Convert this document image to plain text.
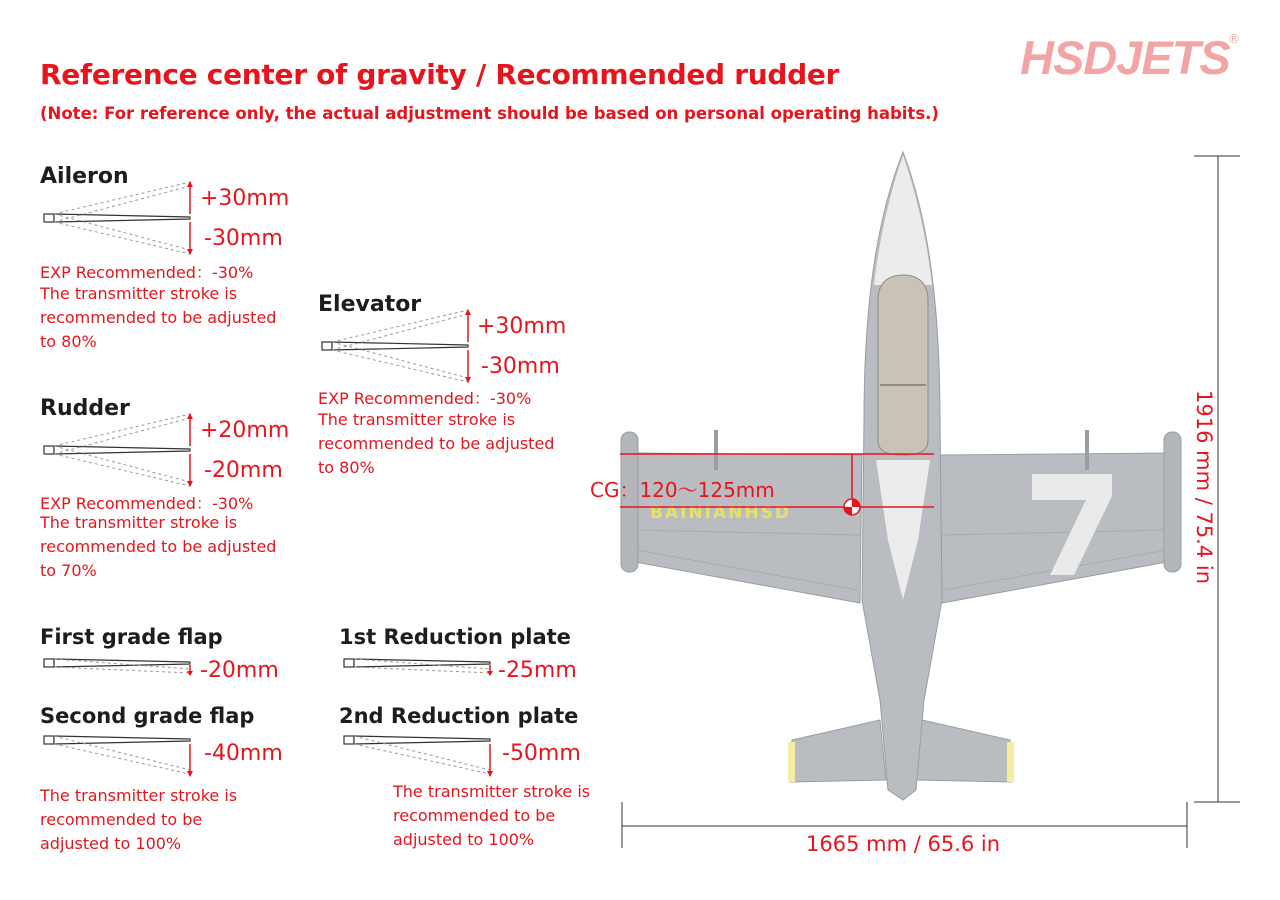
Reference center of gravity / Recommended rudder
(Note: For reference only, the actual adjustment should be based on personal operating habits.)
HSDJETS
®
Aileron
+30mm
-30mm
EXP Recommended：-30%
The transmitter stroke is recommended to be adjusted to 80%
Elevator
+30mm
-30mm
EXP Recommended：-30%
The transmitter stroke is recommended to be adjusted to 80%
Rudder
+20mm
-20mm
EXP Recommended：-30%
The transmitter stroke is recommended to be adjusted to 70%
First grade flap
-20mm
Second grade flap
-40mm
The transmitter stroke is recommended to be adjusted to 100%
1st Reduction plate
-25mm
2nd Reduction plate
-50mm
The transmitter stroke is recommended to be adjusted to 100%
BAINIANHSD
CG：120～125mm
1665 mm / 65.6 in
1916 mm / 75.4 in
